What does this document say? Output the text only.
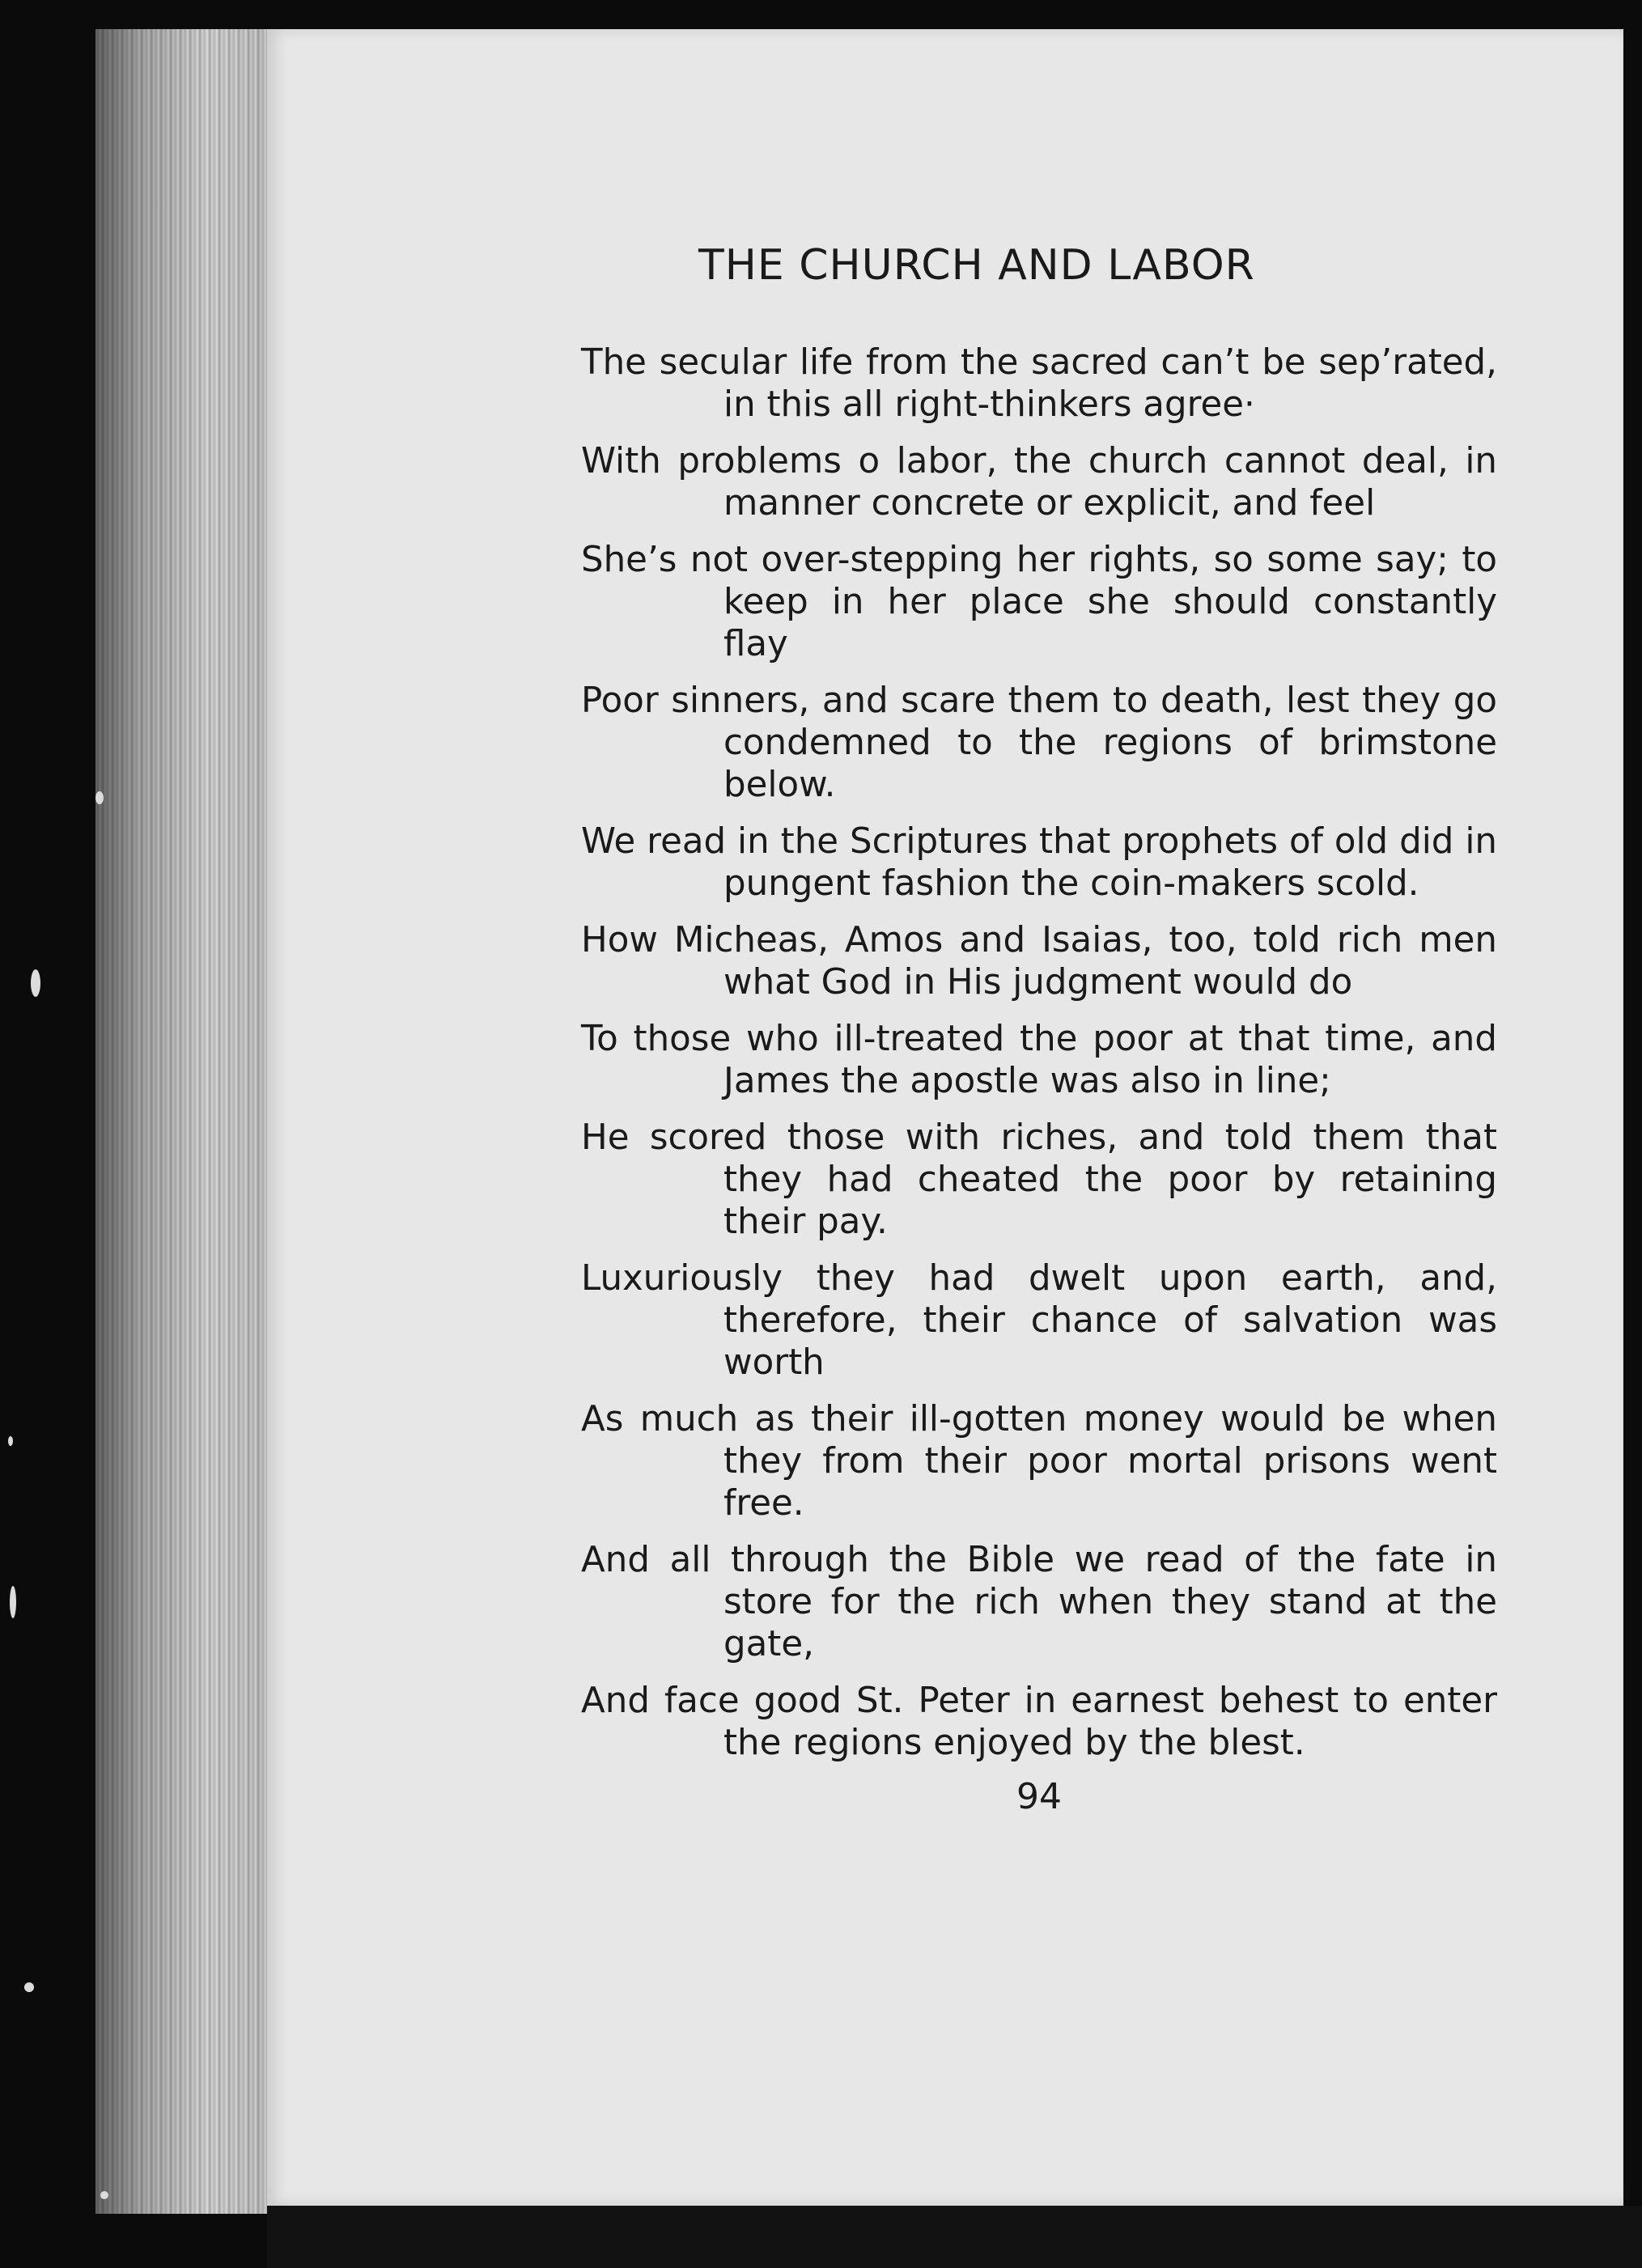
THE CHURCH AND LABOR

The secular life from the sacred can’t be sep’rated, in this all right-thinkers agree·

With problems o labor, the church cannot deal, in manner concrete or explicit, and feel

She’s not over-stepping her rights, so some say; to keep in her place she should constantly flay

Poor sinners, and scare them to death, lest they go condemned to the regions of brimstone below.

We read in the Scriptures that prophets of old did in pungent fashion the coin-makers scold.

How Micheas, Amos and Isaias, too, told rich men what God in His judgment would do

To those who ill-treated the poor at that time, and James the apostle was also in line;

He scored those with riches, and told them that they had cheated the poor by retaining their pay.

Luxuriously they had dwelt upon earth, and, therefore, their chance of salvation was worth

As much as their ill-gotten money would be when they from their poor mortal prisons went free.

And all through the Bible we read of the fate in store for the rich when they stand at the gate,

And face good St. Peter in earnest behest to enter the regions enjoyed by the blest.

94
